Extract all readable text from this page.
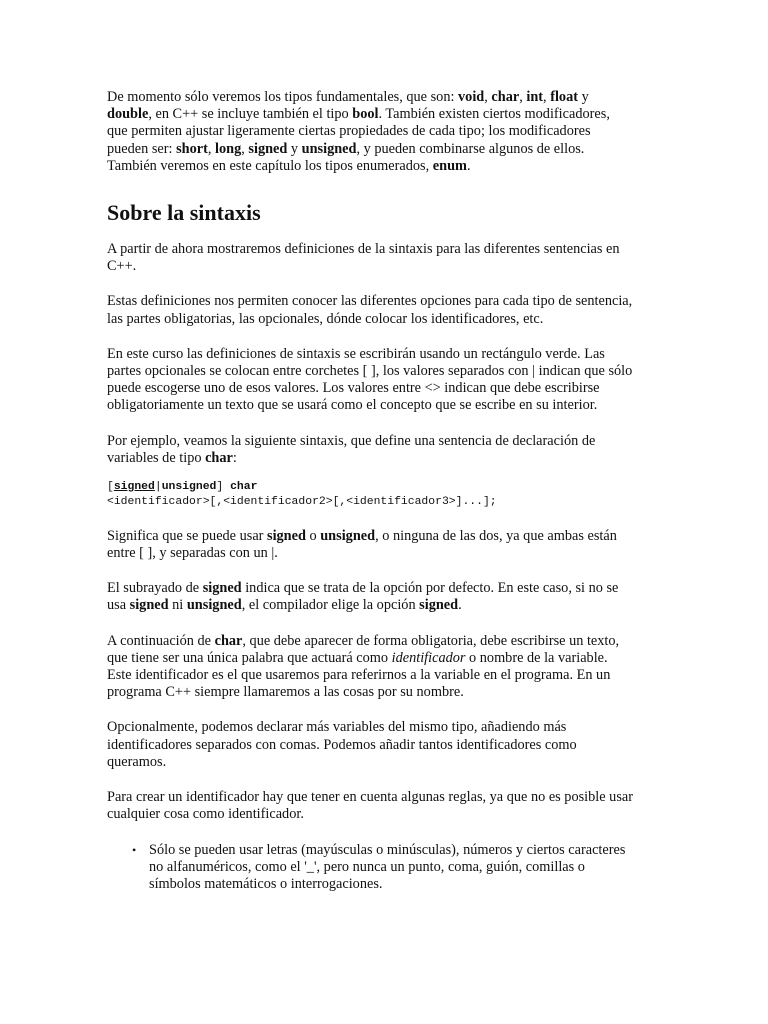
De momento sólo veremos los tipos fundamentales, que son: void, char, int, float y
double, en C++ se incluye también el tipo bool. También existen ciertos modificadores,
que permiten ajustar ligeramente ciertas propiedades de cada tipo; los modificadores
pueden ser: short, long, signed y unsigned, y pueden combinarse algunos de ellos.
También veremos en este capítulo los tipos enumerados, enum.

Sobre la sintaxis

A partir de ahora mostraremos definiciones de la sintaxis para las diferentes sentencias en
C++.

Estas definiciones nos permiten conocer las diferentes opciones para cada tipo de sentencia,
las partes obligatorias, las opcionales, dónde colocar los identificadores, etc.

En este curso las definiciones de sintaxis se escribirán usando un rectángulo verde. Las
partes opcionales se colocan entre corchetes [ ], los valores separados con | indican que sólo
puede escogerse uno de esos valores. Los valores entre <> indican que debe escribirse
obligatoriamente un texto que se usará como el concepto que se escribe en su interior.

Por ejemplo, veamos la siguiente sintaxis, que define una sentencia de declaración de
variables de tipo char:

[signed|unsigned] char
<identificador>[,<identificador2>[,<identificador3>]...];

Significa que se puede usar signed o unsigned, o ninguna de las dos, ya que ambas están
entre [ ], y separadas con un |.

El subrayado de signed indica que se trata de la opción por defecto. En este caso, si no se
usa signed ni unsigned, el compilador elige la opción signed.

A continuación de char, que debe aparecer de forma obligatoria, debe escribirse un texto,
que tiene ser una única palabra que actuará como identificador o nombre de la variable.
Este identificador es el que usaremos para referirnos a la variable en el programa. En un
programa C++ siempre llamaremos a las cosas por su nombre.

Opcionalmente, podemos declarar más variables del mismo tipo, añadiendo más
identificadores separados con comas. Podemos añadir tantos identificadores como
queramos.

Para crear un identificador hay que tener en cuenta algunas reglas, ya que no es posible usar
cualquier cosa como identificador.

• Sólo se pueden usar letras (mayúsculas o minúsculas), números y ciertos caracteres
no alfanuméricos, como el '_', pero nunca un punto, coma, guión, comillas o
símbolos matemáticos o interrogaciones.
